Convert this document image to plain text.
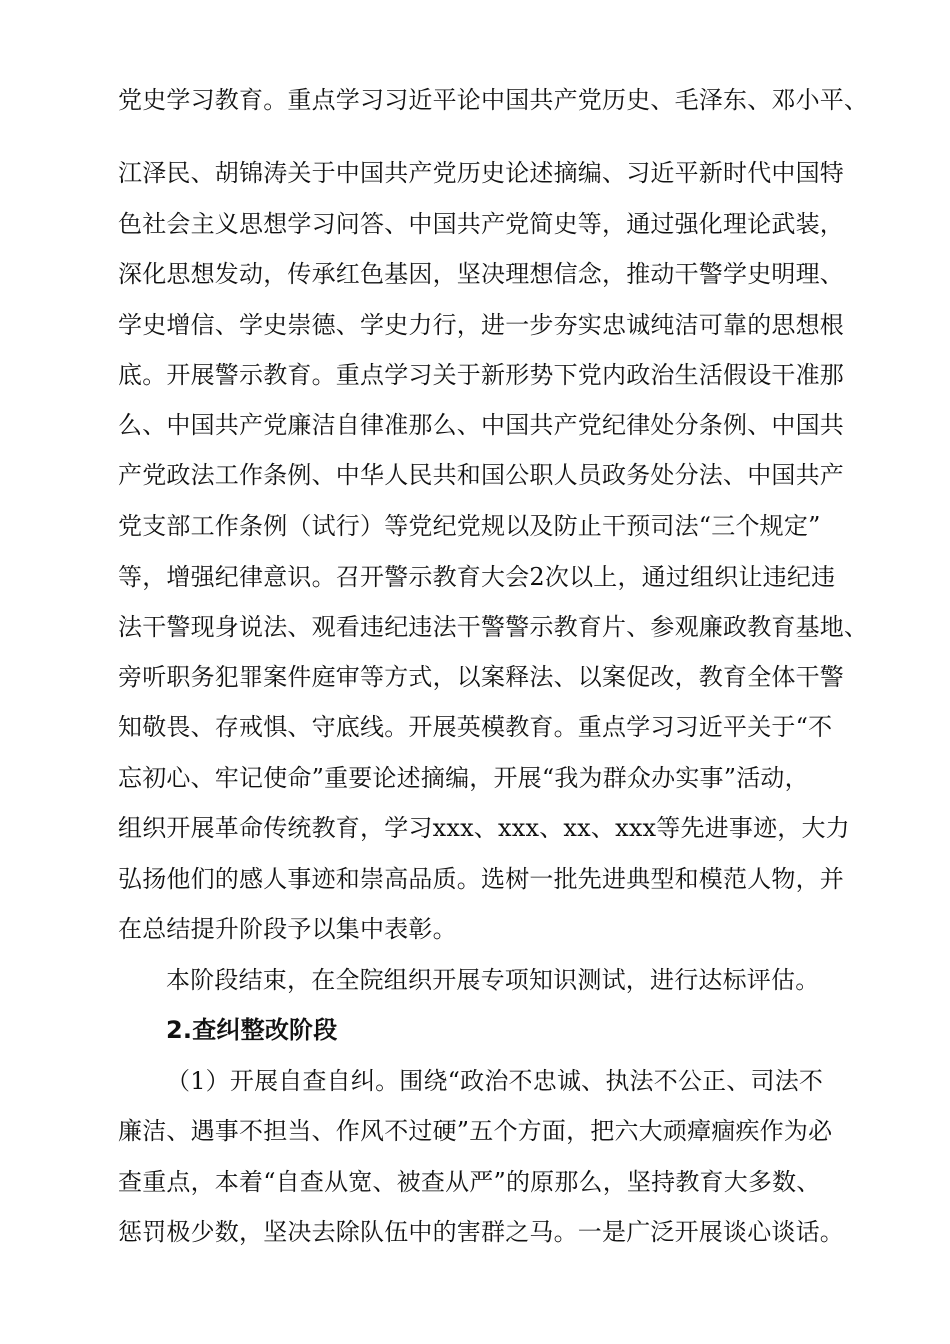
党史学习教育。重点学习习近平论中国共产党历史、毛泽东、邓小平、
江泽民、胡锦涛关于中国共产党历史论述摘编、习近平新时代中国特
色社会主义思想学习问答、中国共产党简史等，通过强化理论武装，
深化思想发动，传承红色基因，坚决理想信念，推动干警学史明理、
学史增信、学史崇德、学史力行，进一步夯实忠诚纯洁可靠的思想根
底。开展警示教育。重点学习关于新形势下党内政治生活假设干准那
么、中国共产党廉洁自律准那么、中国共产党纪律处分条例、中国共
产党政法工作条例、中华人民共和国公职人员政务处分法、中国共产
党支部工作条例（试行）等党纪党规以及防止干预司法“三个规定”
等，增强纪律意识。召开警示教育大会2次以上，通过组织让违纪违
法干警现身说法、观看违纪违法干警警示教育片、参观廉政教育基地、
旁听职务犯罪案件庭审等方式，以案释法、以案促改，教育全体干警
知敬畏、存戒惧、守底线。开展英模教育。重点学习习近平关于“不
忘初心、牢记使命”重要论述摘编，开展“我为群众办实事”活动，
组织开展革命传统教育，学习xxx、xxx、xx、xxx等先进事迹，大力
弘扬他们的感人事迹和崇高品质。选树一批先进典型和模范人物，并
在总结提升阶段予以集中表彰。
本阶段结束，在全院组织开展专项知识测试，进行达标评估。
2.查纠整改阶段
（1）开展自查自纠。围绕“政治不忠诚、执法不公正、司法不
廉洁、遇事不担当、作风不过硬”五个方面，把六大顽瘴痼疾作为必
查重点，本着“自查从宽、被查从严”的原那么，坚持教育大多数、
惩罚极少数，坚决去除队伍中的害群之马。一是广泛开展谈心谈话。
